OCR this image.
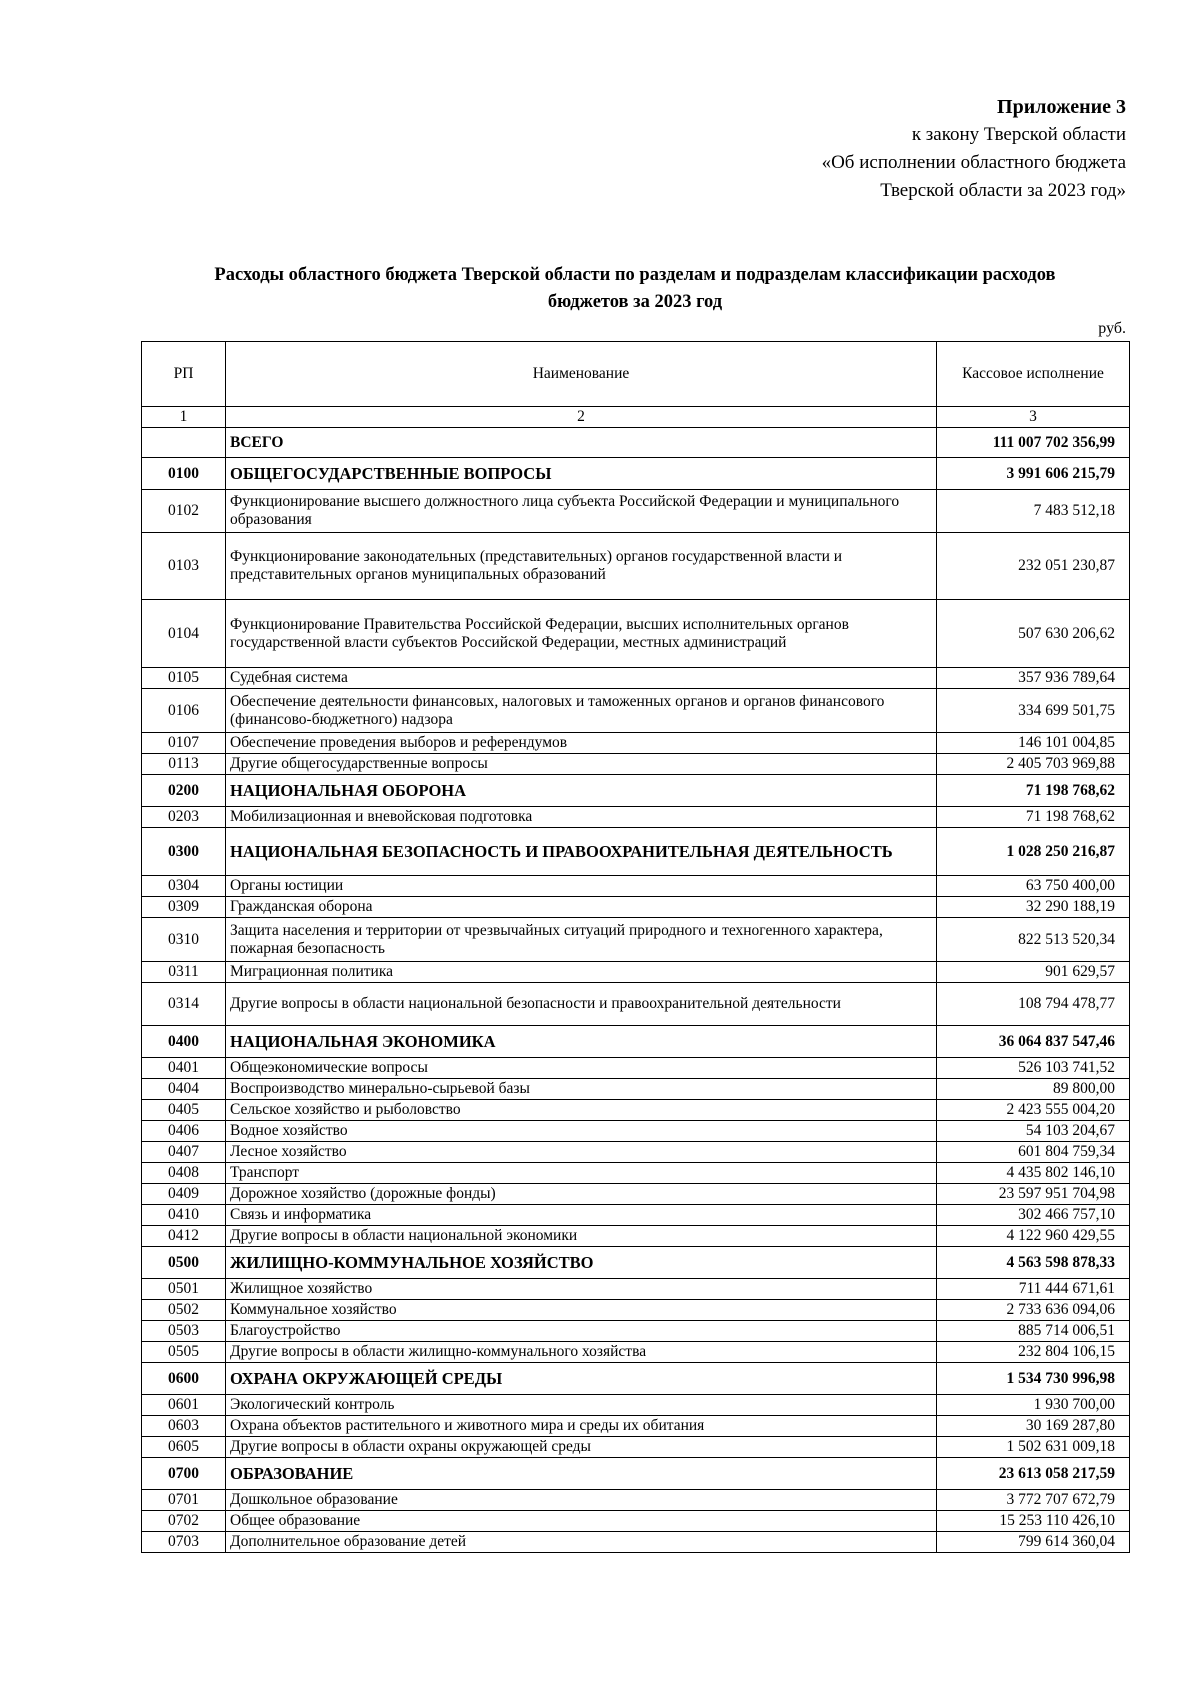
Приложение 3
к закону Тверской области
«Об исполнении областного бюджета
Тверской области за 2023 год»
Расходы областного бюджета Тверской области по разделам и подразделам классификации расходов
бюджетов за 2023 год
руб.
РП	Наименование	Кассовое исполнение
1	2	3
	ВСЕГО	111 007 702 356,99
0100	ОБЩЕГОСУДАРСТВЕННЫЕ ВОПРОСЫ	3 991 606 215,79
0102	Функционирование высшего должностного лица субъекта Российской Федерации и муниципального образования	7 483 512,18
0103	Функционирование законодательных (представительных) органов государственной власти и представительных органов муниципальных образований	232 051 230,87
0104	Функционирование Правительства Российской Федерации, высших исполнительных органов государственной власти субъектов Российской Федерации, местных администраций	507 630 206,62
0105	Судебная система	357 936 789,64
0106	Обеспечение деятельности финансовых, налоговых и таможенных органов и органов финансового (финансово-бюджетного) надзора	334 699 501,75
0107	Обеспечение проведения выборов и референдумов	146 101 004,85
0113	Другие общегосударственные вопросы	2 405 703 969,88
0200	НАЦИОНАЛЬНАЯ ОБОРОНА	71 198 768,62
0203	Мобилизационная и вневойсковая подготовка	71 198 768,62
0300	НАЦИОНАЛЬНАЯ БЕЗОПАСНОСТЬ И ПРАВООХРАНИТЕЛЬНАЯ ДЕЯТЕЛЬНОСТЬ	1 028 250 216,87
0304	Органы юстиции	63 750 400,00
0309	Гражданская оборона	32 290 188,19
0310	Защита населения и территории от чрезвычайных ситуаций природного и техногенного характера, пожарная безопасность	822 513 520,34
0311	Миграционная политика	901 629,57
0314	Другие вопросы в области национальной безопасности и правоохранительной деятельности	108 794 478,77
0400	НАЦИОНАЛЬНАЯ ЭКОНОМИКА	36 064 837 547,46
0401	Общеэкономические вопросы	526 103 741,52
0404	Воспроизводство минерально-сырьевой базы	89 800,00
0405	Сельское хозяйство и рыболовство	2 423 555 004,20
0406	Водное хозяйство	54 103 204,67
0407	Лесное хозяйство	601 804 759,34
0408	Транспорт	4 435 802 146,10
0409	Дорожное хозяйство (дорожные фонды)	23 597 951 704,98
0410	Связь и информатика	302 466 757,10
0412	Другие вопросы в области национальной экономики	4 122 960 429,55
0500	ЖИЛИЩНО-КОММУНАЛЬНОЕ ХОЗЯЙСТВО	4 563 598 878,33
0501	Жилищное хозяйство	711 444 671,61
0502	Коммунальное хозяйство	2 733 636 094,06
0503	Благоустройство	885 714 006,51
0505	Другие вопросы в области жилищно-коммунального хозяйства	232 804 106,15
0600	ОХРАНА ОКРУЖАЮЩЕЙ СРЕДЫ	1 534 730 996,98
0601	Экологический контроль	1 930 700,00
0603	Охрана объектов растительного и животного мира и среды их обитания	30 169 287,80
0605	Другие вопросы в области охраны окружающей среды	1 502 631 009,18
0700	ОБРАЗОВАНИЕ	23 613 058 217,59
0701	Дошкольное образование	3 772 707 672,79
0702	Общее образование	15 253 110 426,10
0703	Дополнительное образование детей	799 614 360,04
